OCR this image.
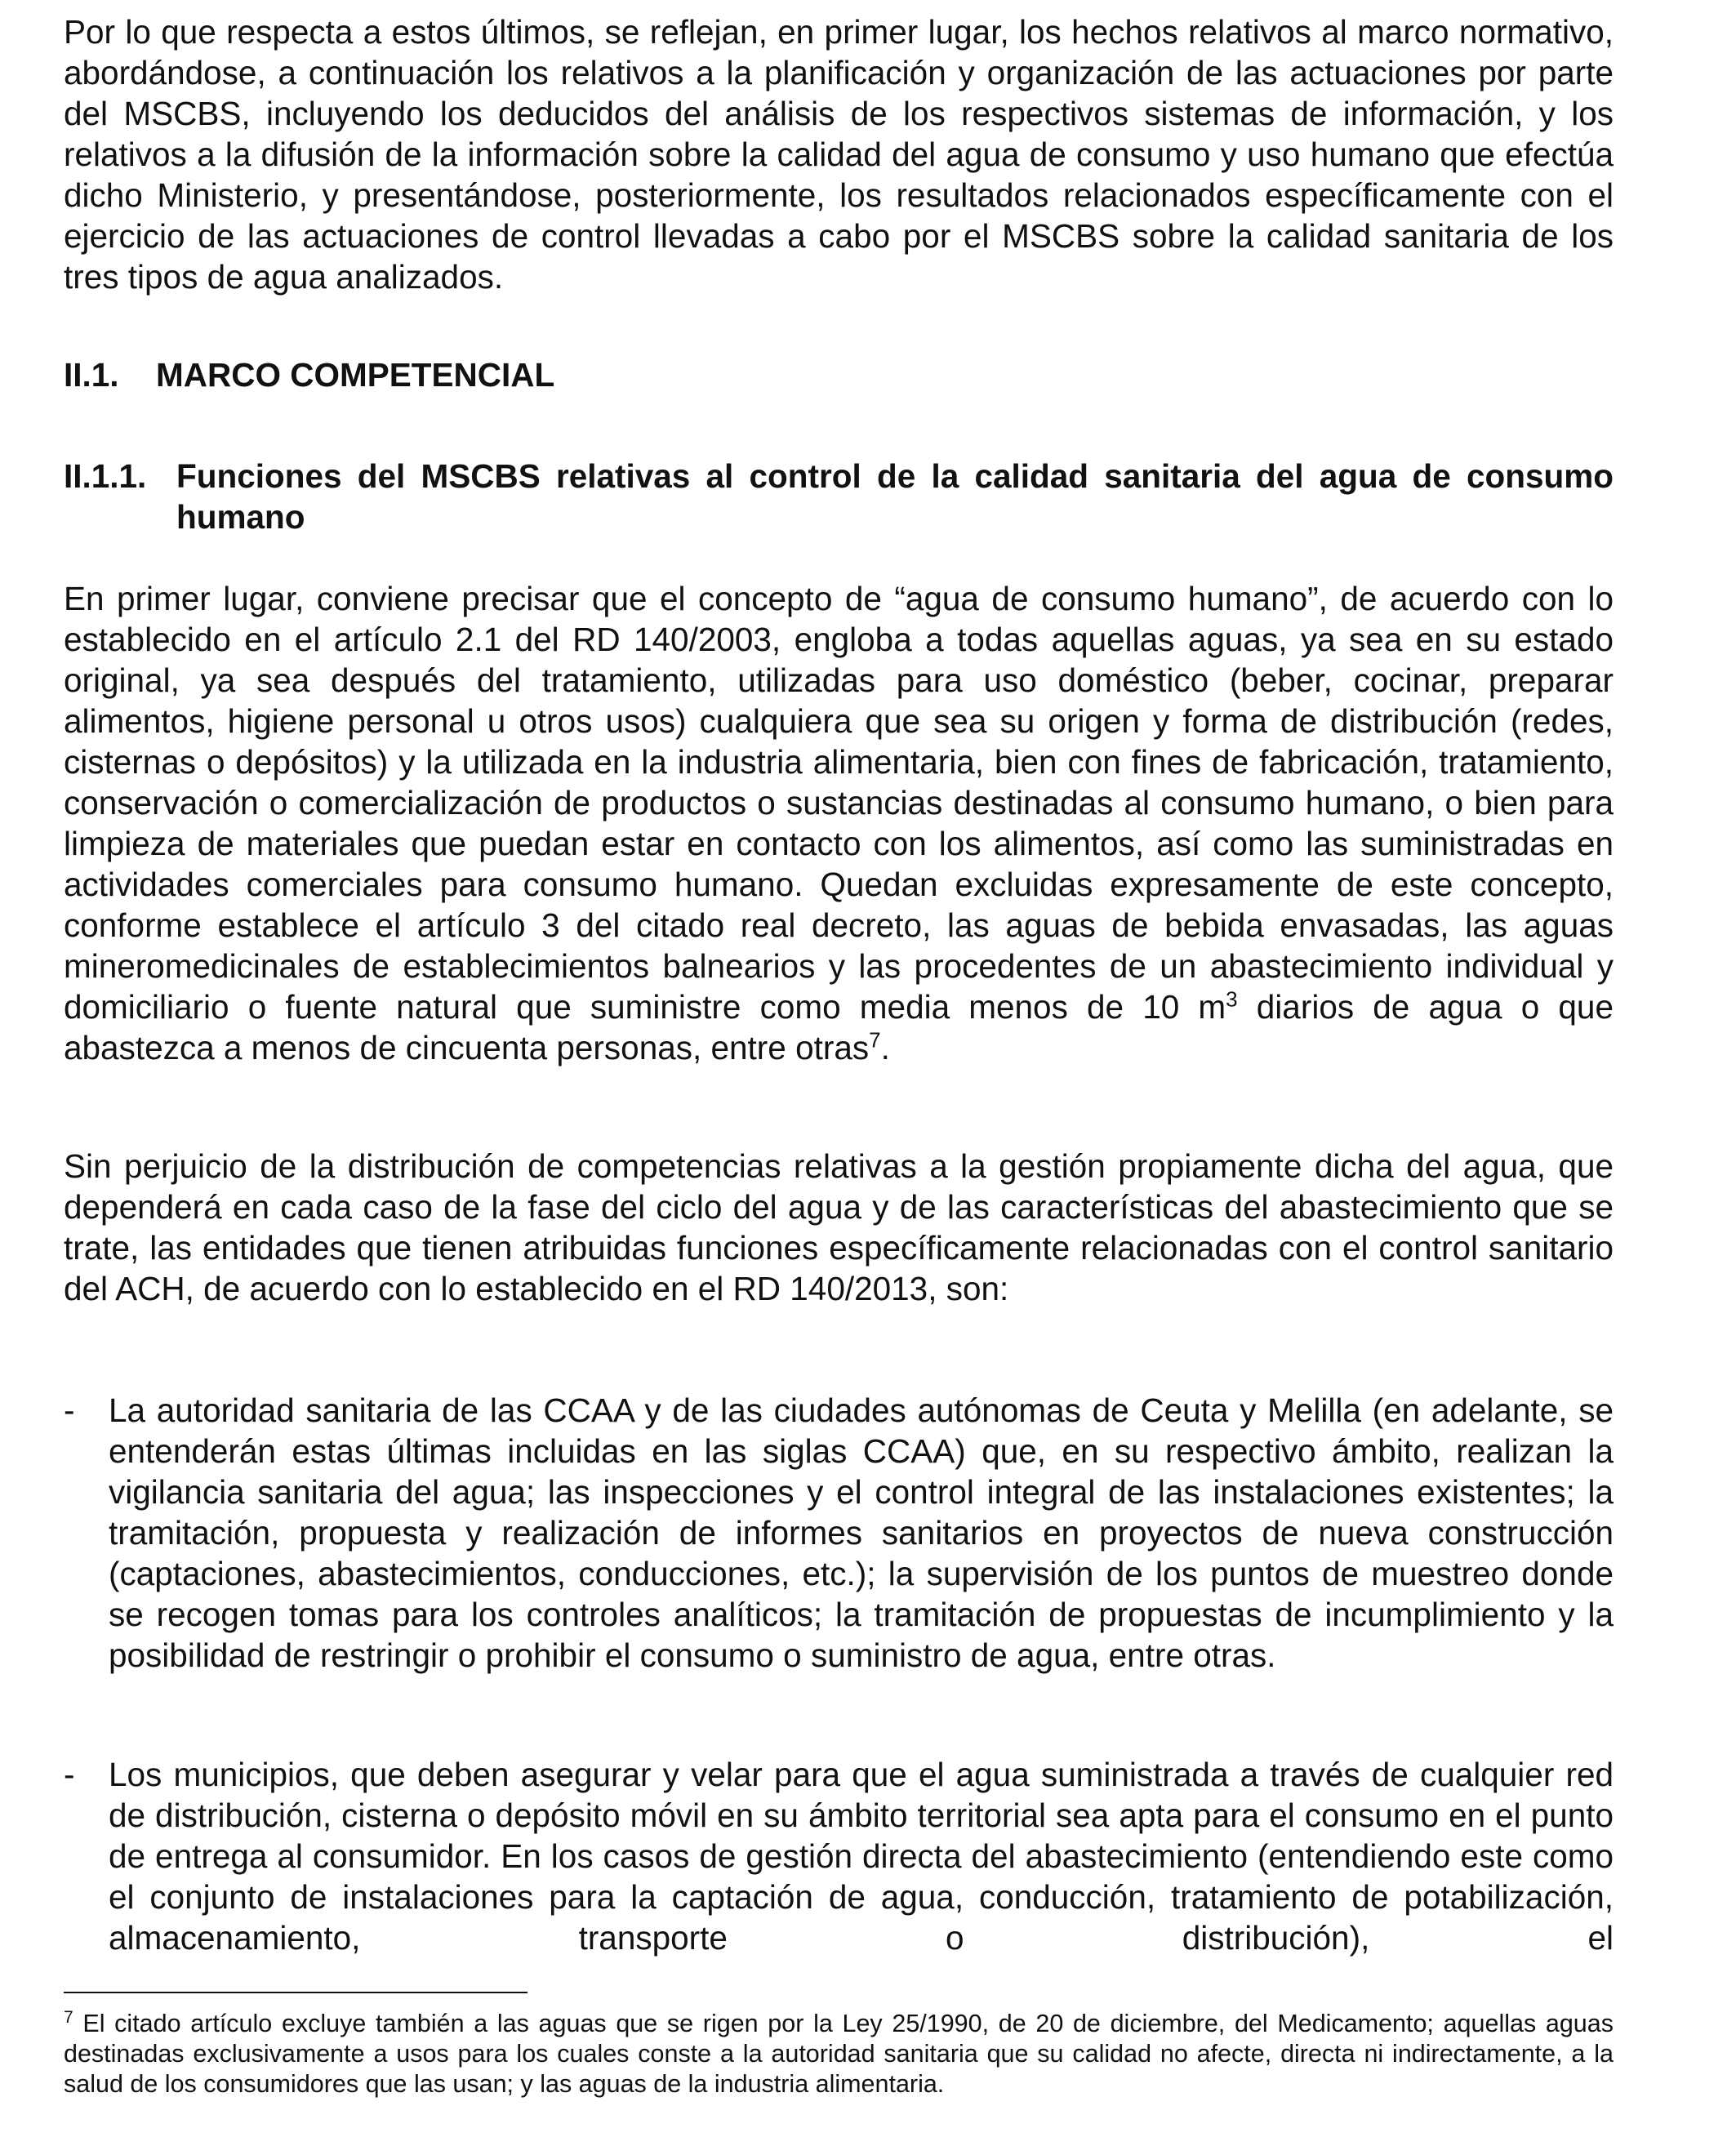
Por lo que respecta a estos últimos, se reflejan, en primer lugar, los hechos relativos al marco normativo, abordándose, a continuación los relativos a la planificación y organización de las actuaciones por parte del MSCBS, incluyendo los deducidos del análisis de los respectivos sistemas de información, y los relativos a la difusión de la información sobre la calidad del agua de consumo y uso humano que efectúa dicho Ministerio, y presentándose, posteriormente, los resultados relacionados específicamente con el ejercicio de las actuaciones de control llevadas a cabo por el MSCBS sobre la calidad sanitaria de los tres tipos de agua analizados.

II.1. MARCO COMPETENCIAL
II.1.1. Funciones del MSCBS relativas al control de la calidad sanitaria del agua de consumo humano

En primer lugar, conviene precisar que el concepto de “agua de consumo humano”, de acuerdo con lo establecido en el artículo 2.1 del RD 140/2003, engloba a todas aquellas aguas, ya sea en su estado original, ya sea después del tratamiento, utilizadas para uso doméstico (beber, cocinar, preparar alimentos, higiene personal u otros usos) cualquiera que sea su origen y forma de distribución (redes, cisternas o depósitos) y la utilizada en la industria alimentaria, bien con fines de fabricación, tratamiento, conservación o comercialización de productos o sustancias destinadas al consumo humano, o bien para limpieza de materiales que puedan estar en contacto con los alimentos, así como las suministradas en actividades comerciales para consumo humano. Quedan excluidas expresamente de este concepto, conforme establece el artículo 3 del citado real decreto, las aguas de bebida envasadas, las aguas mineromedicinales de establecimientos balnearios y las procedentes de un abastecimiento individual y domiciliario o fuente natural que suministre como media menos de 10 $m^3$ diarios de agua o que abastezca a menos de cincuenta personas, entre otras$^7$.

Sin perjuicio de la distribución de competencias relativas a la gestión propiamente dicha del agua, que dependerá en cada caso de la fase del ciclo del agua y de las características del abastecimiento que se trate, las entidades que tienen atribuidas funciones específicamente relacionadas con el control sanitario del ACH, de acuerdo con lo establecido en el RD 140/2013, son:

-	La autoridad sanitaria de las CCAA y de las ciudades autónomas de Ceuta y Melilla (en adelante, se entenderán estas últimas incluidas en las siglas CCAA) que, en su respectivo ámbito, realizan la vigilancia sanitaria del agua; las inspecciones y el control integral de las instalaciones existentes; la tramitación, propuesta y realización de informes sanitarios en proyectos de nueva construcción (captaciones, abastecimientos, conducciones, etc.); la supervisión de los puntos de muestreo donde se recogen tomas para los controles analíticos; la tramitación de propuestas de incumplimiento y la posibilidad de restringir o prohibir el consumo o suministro de agua, entre otras.
-	Los municipios, que deben asegurar y velar para que el agua suministrada a través de cualquier red de distribución, cisterna o depósito móvil en su ámbito territorial sea apta para el consumo en el punto de entrega al consumidor. En los casos de gestión directa del abastecimiento (entendiendo este como el conjunto de instalaciones para la captación de agua, conducción, tratamiento de potabilización, almacenamiento, transporte o distribución), el

$^7$ El citado artículo excluye también a las aguas que se rigen por la Ley 25/1990, de 20 de diciembre, del Medicamento; aquellas aguas destinadas exclusivamente a usos para los cuales conste a la autoridad sanitaria que su calidad no afecte, directa ni indirectamente, a la salud de los consumidores que las usan; y las aguas de la industria alimentaria.
